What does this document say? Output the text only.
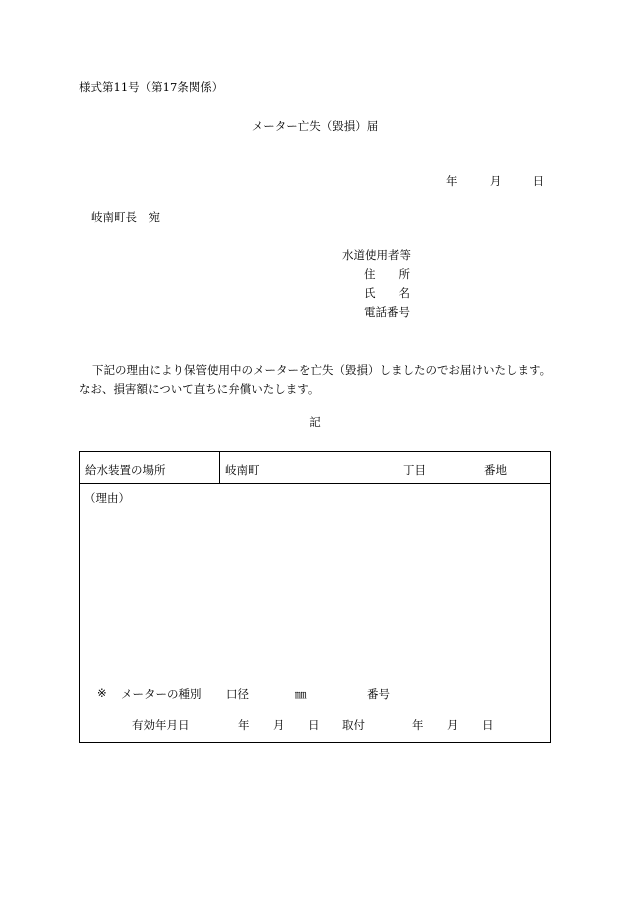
様式第11号（第17条関係）
メーター亡失（毀損）届
年	月	日
岐南町長　宛
水道使用者等
住　　所
氏　　名
電話番号
下記の理由により保管使用中のメーターを亡失（毀損）しましたのでお届けいたします。
なお、損害額について直ちに弁償いたします。
記
給水装置の場所	岐南町	丁目	番地
（理由）
※ メーターの種別 口径	㎜	番号
有効年月日	年 月 日 取付	年 月 日
